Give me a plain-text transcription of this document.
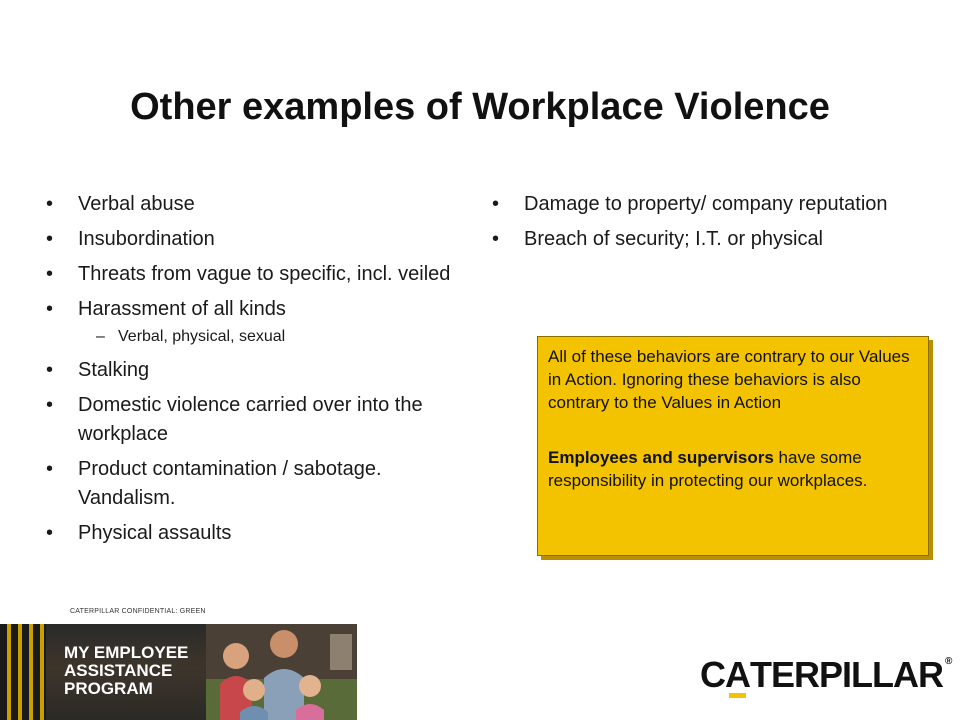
Other examples of Workplace Violence
• Verbal abuse
• Insubordination
• Threats from vague to specific, incl. veiled
• Harassment of all kinds
– Verbal, physical, sexual
• Stalking
• Domestic violence carried over into the workplace
• Product contamination / sabotage. Vandalism.
• Physical assaults
• Damage to property/ company reputation
• Breach of security; I.T. or physical

All of these behaviors are contrary to our Values in Action. Ignoring these behaviors is also contrary to the Values in Action

Employees and supervisors have some responsibility in protecting our workplaces.

CATERPILLAR CONFIDENTIAL: GREEN
MY EMPLOYEE
ASSISTANCE
PROGRAM	C A TERPILLAR ®
